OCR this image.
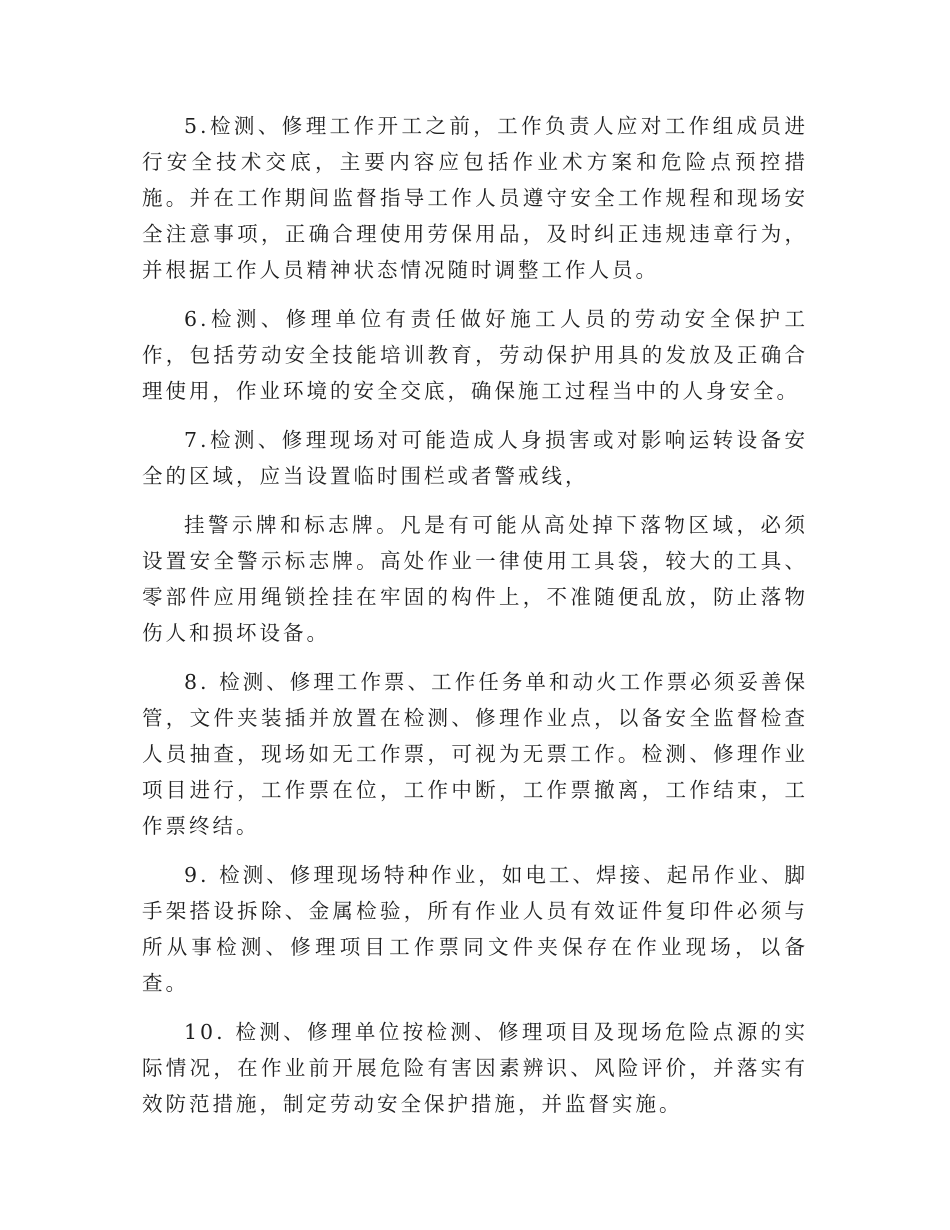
5.检测、修理工作开工之前，工作负责人应对工作组成员进行安全技术交底，主要内容应包括作业术方案和危险点预控措施。并在工作期间监督指导工作人员遵守安全工作规程和现场安全注意事项，正确合理使用劳保用品，及时纠正违规违章行为，并根据工作人员精神状态情况随时调整工作人员。

6.检测、修理单位有责任做好施工人员的劳动安全保护工作，包括劳动安全技能培训教育，劳动保护用具的发放及正确合理使用，作业环境的安全交底，确保施工过程当中的人身安全。

7.检测、修理现场对可能造成人身损害或对影响运转设备安全的区域，应当设置临时围栏或者警戒线，

挂警示牌和标志牌。凡是有可能从高处掉下落物区域，必须设置安全警示标志牌。高处作业一律使用工具袋，较大的工具、零部件应用绳锁拴挂在牢固的构件上，不准随便乱放，防止落物伤人和损坏设备。

8. 检测、修理工作票、工作任务单和动火工作票必须妥善保管，文件夹装插并放置在检测、修理作业点，以备安全监督检查人员抽查，现场如无工作票，可视为无票工作。检测、修理作业项目进行，工作票在位，工作中断，工作票撤离，工作结束，工作票终结。

9. 检测、修理现场特种作业，如电工、焊接、起吊作业、脚手架搭设拆除、金属检验，所有作业人员有效证件复印件必须与所从事检测、修理项目工作票同文件夹保存在作业现场，以备查。

10. 检测、修理单位按检测、修理项目及现场危险点源的实际情况，在作业前开展危险有害因素辨识、风险评价，并落实有效防范措施，制定劳动安全保护措施，并监督实施。
